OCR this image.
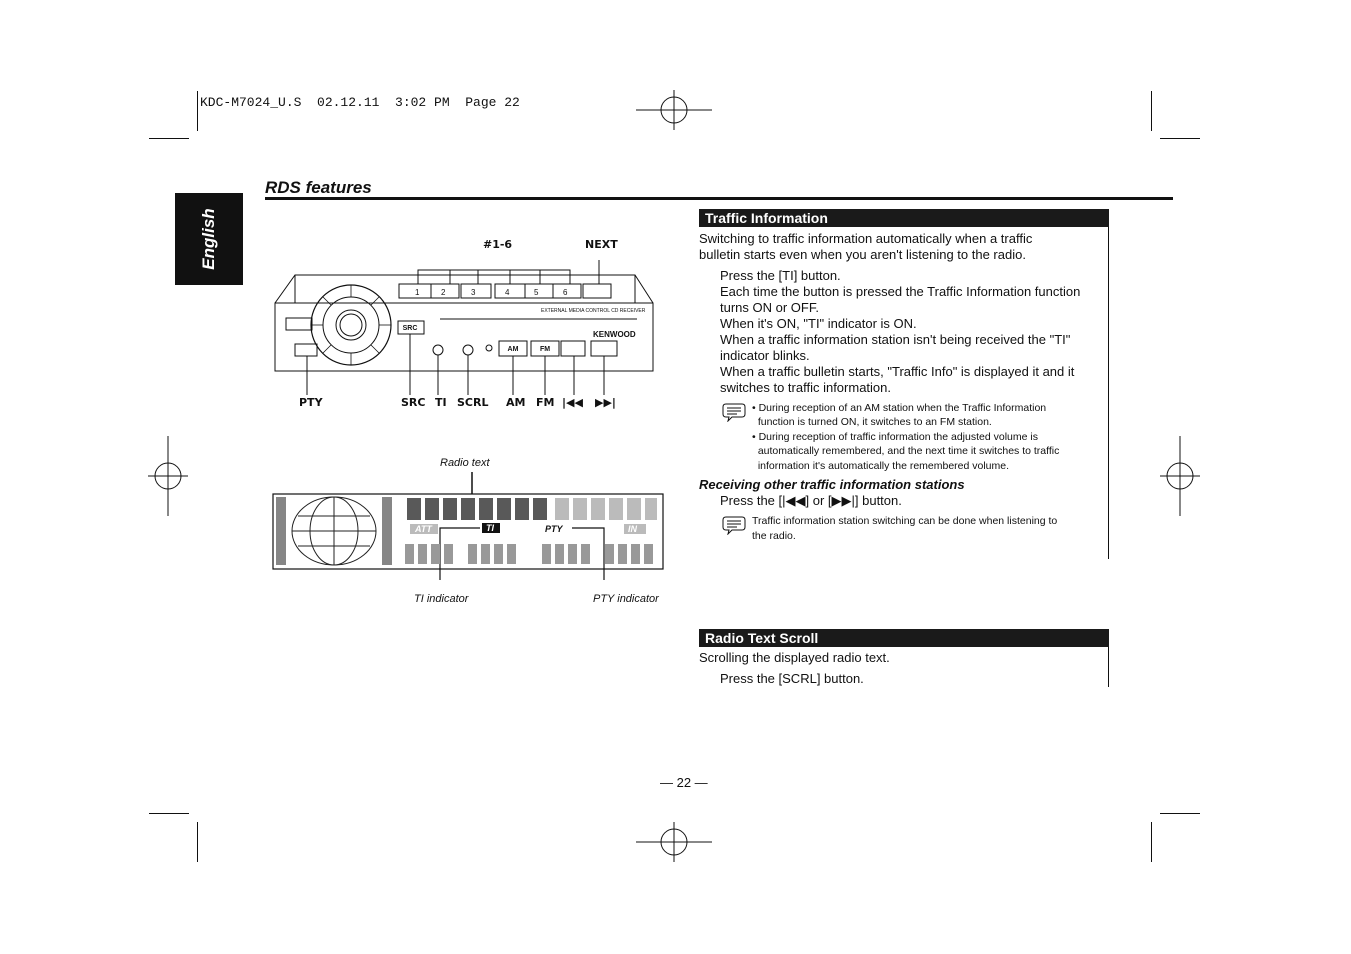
KDC-M7024_U.S  02.12.11  3:02 PM  Page 22
English
RDS features
SRC
AM	FM
1	2	3	4	5	6
EXTERNAL MEDIA CONTROL CD RECEIVER
KENWOOD
#1-6	NEXT
PTY	SRC TI SCRL AM FM |◀◀ ▶▶|
Radio text
ATT	TI	PTY	IN
TI indicator	PTY indicator
Traffic Information
Switching to traffic information automatically when a traffic
bulletin starts even when you aren't listening to the radio.
Press the [TI] button.
Each time the button is pressed the Traffic Information function
turns ON or OFF.
When it's ON, "TI" indicator is ON.
When a traffic information station isn't being received the "TI"
indicator blinks.
When a traffic bulletin starts, "Traffic Info" is displayed it and it
switches to traffic information.
• During reception of an AM station when the Traffic Information
function is turned ON, it switches to an FM station.
• During reception of traffic information the adjusted volume is
automatically remembered, and the next time it switches to traffic
information it's automatically the remembered volume.
Receiving other traffic information stations
Press the [|◀◀] or [▶▶|] button.
Traffic information station switching can be done when listening to
the radio.
Radio Text Scroll
Scrolling the displayed radio text.
Press the [SCRL] button.
— 22 —
